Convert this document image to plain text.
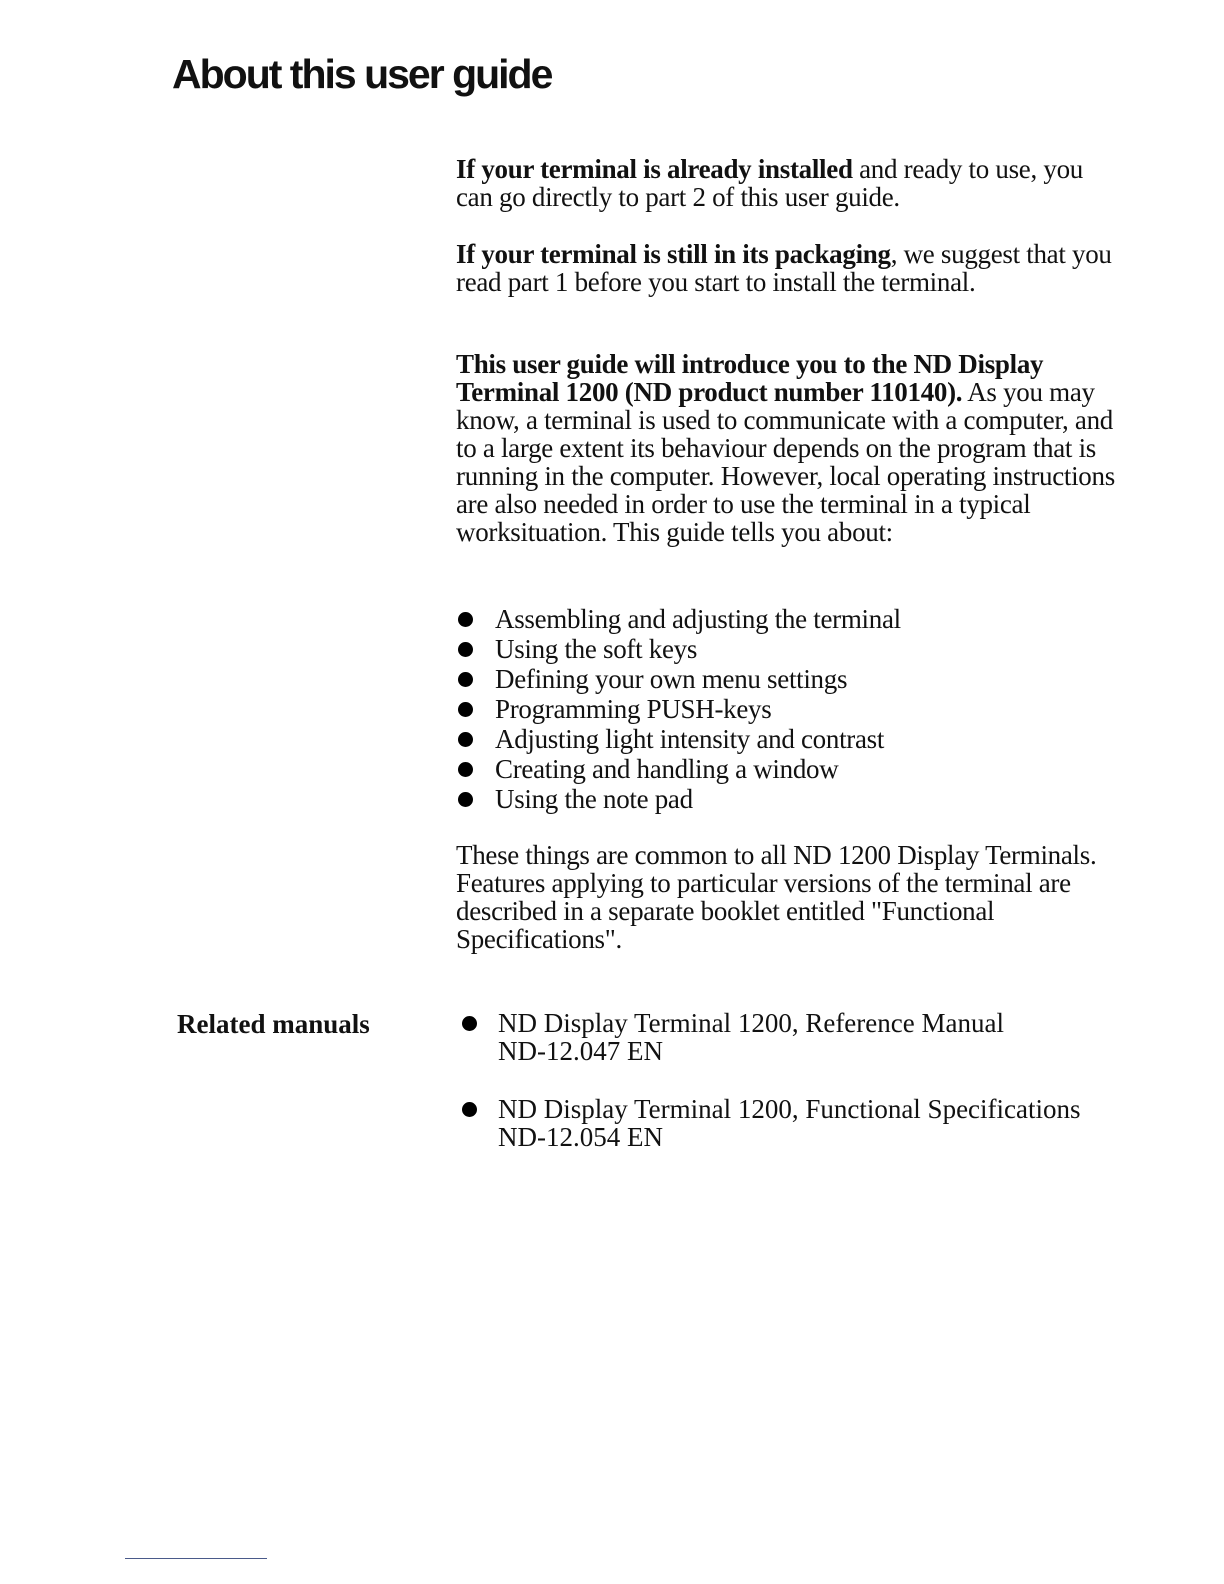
About this user guide

If your terminal is already installed and ready to use, you can go directly to part 2 of this user guide.

If your terminal is still in its packaging, we suggest that you read part 1 before you start to install the terminal.

This user guide will introduce you to the ND Display Terminal 1200 (ND product number 110140). As you may know, a terminal is used to communicate with a computer, and to a large extent its behaviour depends on the program that is running in the computer. However, local operating instructions are also needed in order to use the terminal in a typical worksituation. This guide tells you about:

Assembling and adjusting the terminal
Using the soft keys
Defining your own menu settings
Programming PUSH-keys
Adjusting light intensity and contrast
Creating and handling a window
Using the note pad

These things are common to all ND 1200 Display Terminals. Features applying to particular versions of the terminal are described in a separate booklet entitled "Functional Specifications".

Related manuals	ND Display Terminal 1200, Reference Manual
ND-12.047 EN
ND Display Terminal 1200, Functional Specifications
ND-12.054 EN
